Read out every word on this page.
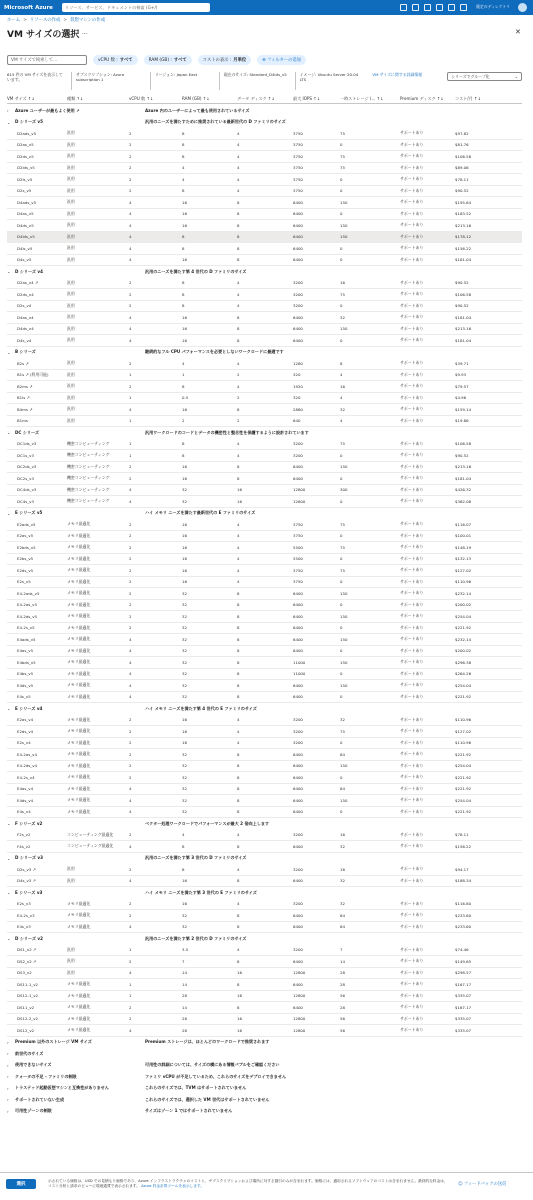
Microsoft Azure	リソース、サービス、ドキュメントの検索 (G+/)	既定のディレクトリ
ホーム > リソースの作成 > 仮想マシンの作成
VM サイズの選択 ...	✕
VM サイズで検索して...	vCPU 数 : すべて	RAM (GB) : すべて	コストの表示 : 月単位	⊕ フィルターの追加
615 件の VM サイズを表示しています。
サブスクリプション: Azure subscription 1
リージョン: Japan East	現在のサイズ: Standard_D4lds_v5	イメージ: Ubuntu Server 20.04 LTS
VM サイズに関する詳細情報	シリーズでグループ化	⌄
VM サイズ ↑↓	種類 ↑↓	vCPU 数 ↑↓	RAM (GB) ↑↓	データ ディスク ↑↓	最大 IOPS ↑↓	一時ストレージ (... ↑↓	Premium ディスク ↑↓	コスト/月 ↑↓
›	Azure ユーザーが最もよく使用 ↗	Azure 内のユーザーによって最も使用されているサイズ
⌄	D シリーズ v5	汎用のニーズを満たすために推奨されている最新世代の D ファミリのサイズ
D2ads_v5	汎用	2	8	4	3750	75	サポートあり	$97.82
D2as_v5	汎用	2	8	4	3750	0	サポートあり	$81.76
D2ds_v5	汎用	2	8	4	3750	75	サポートあり	$106.58
D2lds_v5	汎用	2	4	4	3750	75	サポートあり	$89.06
D2ls_v5	汎用	2	4	4	3750	0	サポートあり	$78.11
D2s_v5	汎用	2	8	4	3750	0	サポートあり	$90.52
D4ads_v5	汎用	4	16	8	6400	150	サポートあり	$195.64
D4as_v5	汎用	4	16	8	6400	0	サポートあり	$163.52
D4ds_v5	汎用	4	16	8	6400	150	サポートあり	$213.16
D4lds_v5	汎用	4	8	8	6400	150	サポートあり	$178.12
D4ls_v5	汎用	4	8	8	6400	0	サポートあり	$156.22
D4s_v5	汎用	4	16	8	6400	0	サポートあり	$181.04
⌄	D シリーズ v4	汎用のニーズを満たす第 4 世代の D ファミリのサイズ
D2as_v4 ↗	汎用	2	8	4	3200	16	サポートあり	$90.52
D2ds_v4	汎用	2	8	4	3200	75	サポートあり	$106.58
D2s_v4	汎用	2	8	4	3200	0	サポートあり	$90.52
D4as_v4	汎用	4	16	8	6400	32	サポートあり	$181.04
D4ds_v4	汎用	4	16	8	6400	150	サポートあり	$213.16
D4s_v4	汎用	4	16	8	6400	0	サポートあり	$181.04
⌄	B シリーズ	継続的なフル CPU パフォーマンスを必要としないワークロードに最適です
B2s ↗	汎用	2	4	4	1280	8	サポートあり	$39.71
B1s ↗ (利用可能)	汎用	1	1	2	320	4	サポートあり	$9.93
B2ms ↗	汎用	2	8	4	1920	16	サポートあり	$79.57
B1ls ↗	汎用	1	0.5	2	320	4	サポートあり	$4.96
B4ms ↗	汎用	4	16	8	2880	32	サポートあり	$159.14
B1ms	汎用	1	2	2	640	4	サポートあり	$19.86
⌄	DC シリーズ	汎用ワークロードのコードとデータの機密性と整合性を保護するように設計されています
DC1ds_v3	機密コンピューティング	1	8	4	3200	75	サポートあり	$106.58
DC1s_v3	機密コンピューティング	1	8	4	3200	0	サポートあり	$90.52
DC2ds_v3	機密コンピューティング	2	16	8	6400	150	サポートあり	$213.16
DC2s_v3	機密コンピューティング	2	16	8	6400	0	サポートあり	$181.04
DC4ds_v3	機密コンピューティング	4	32	16	12800	300	サポートあり	$426.32
DC4s_v3	機密コンピューティング	4	32	16	12800	0	サポートあり	$362.08
⌄	E シリーズ v5	ハイ メモリ ニーズを満たす最新世代の E ファミリのサイズ
E2ads_v5	メモリ最適化	2	16	4	3750	75	サポートあり	$116.07
E2as_v5	メモリ最適化	2	16	4	3750	0	サポートあり	$100.01
E2bds_v5	メモリ最適化	2	16	4	5500	75	サポートあり	$148.19
E2bs_v5	メモリ最適化	2	16	4	5500	0	サポートあり	$132.13
E2ds_v5	メモリ最適化	2	16	4	3750	75	サポートあり	$127.02
E2s_v5	メモリ最適化	2	16	4	3750	0	サポートあり	$110.96
E4-2ads_v5	メモリ最適化	2	32	8	6400	150	サポートあり	$232.14
E4-2as_v5	メモリ最適化	2	32	8	6400	0	サポートあり	$200.02
E4-2ds_v5	メモリ最適化	2	32	8	6400	150	サポートあり	$254.04
E4-2s_v5	メモリ最適化	2	32	8	6400	0	サポートあり	$221.92
E4ads_v5	メモリ最適化	4	32	8	6400	150	サポートあり	$232.14
E4as_v5	メモリ最適化	4	32	8	6400	0	サポートあり	$200.02
E4bds_v5	メモリ最適化	4	32	8	11000	150	サポートあり	$296.38
E4bs_v5	メモリ最適化	4	32	8	11000	0	サポートあり	$264.26
E4ds_v5	メモリ最適化	4	32	8	6400	150	サポートあり	$254.04
E4s_v5	メモリ最適化	4	32	8	6400	0	サポートあり	$221.92
⌄	E シリーズ v4	ハイ メモリ ニーズを満たす第 4 世代の E ファミリのサイズ
E2as_v4	メモリ最適化	2	16	4	3200	32	サポートあり	$110.96
E2ds_v4	メモリ最適化	2	16	4	3200	75	サポートあり	$127.02
E2s_v4	メモリ最適化	2	16	4	3200	0	サポートあり	$110.96
E4-2as_v4	メモリ最適化	2	32	8	6400	64	サポートあり	$221.92
E4-2ds_v4	メモリ最適化	2	32	8	6400	150	サポートあり	$254.04
E4-2s_v4	メモリ最適化	2	32	8	6400	0	サポートあり	$221.92
E4as_v4	メモリ最適化	4	32	8	6400	64	サポートあり	$221.92
E4ds_v4	メモリ最適化	4	32	8	6400	150	サポートあり	$254.04
E4s_v4	メモリ最適化	4	32	8	6400	0	サポートあり	$221.92
⌄	F シリーズ v2	ベクター処理ワークロードでパフォーマンスが最大 2 倍向上します
F2s_v2	コンピューティング最適化	2	4	4	3200	16	サポートあり	$78.11
F4s_v2	コンピューティング最適化	4	8	8	6400	32	サポートあり	$156.22
⌄	D シリーズ v3	汎用のニーズを満たす第 3 世代の D ファミリのサイズ
D2s_v3 ↗	汎用	2	8	4	3200	16	サポートあり	$94.17
D4s_v3 ↗	汎用	4	16	8	6400	32	サポートあり	$188.34
⌄	E シリーズ v3	ハイ メモリ ニーズを満たす第 3 世代の E ファミリのサイズ
E2s_v3	メモリ最適化	2	16	4	3200	32	サポートあり	$116.80
E4-2s_v3	メモリ最適化	2	32	8	6400	64	サポートあり	$233.60
E4s_v3	メモリ最適化	4	32	8	6400	64	サポートあり	$233.60
⌄	D シリーズ v2	汎用のニーズを満たす第 2 世代の D ファミリのサイズ
DS1_v2 ↗	汎用	1	3.5	4	3200	7	サポートあり	$74.46
DS2_v2 ↗	汎用	2	7	8	6400	14	サポートあり	$149.65
DS3_v2	汎用	4	14	16	12800	28	サポートあり	$298.57
DS11-1_v2	メモリ最適化	1	14	8	6400	28	サポートあり	$167.17
DS12-1_v2	メモリ最適化	1	28	16	12800	56	サポートあり	$335.07
DS11_v2	メモリ最適化	2	14	8	6400	28	サポートあり	$167.17
DS12-2_v2	メモリ最適化	2	28	16	12800	56	サポートあり	$335.07
DS12_v2	メモリ最適化	4	28	16	12800	56	サポートあり	$335.07
›	Premium 以外のストレージ VM サイズ	Premium ストレージは、ほとんどのワークロードで推奨されます
›	前世代のサイズ
›	使用できないサイズ	可用性の詳細については、サイズの横にある情報バブルをご確認ください
›	クォータの不足 - ファミリの制限	ファミリ vCPU が不足しているため、これらのサイズをデプロイできません
›	トラステッド起動仮想マシンと互換性がありません	これらのサイズでは、TVM はサポートされていません
›	サポートされていない生成	これらのサイズでは、選択した VM 世代はサポートされていません
›	可用性ゾーンの制限	サイズはゾーン 1 ではサポートされていません
選択
示されている価格は、USD での見積もり価格であり、Azure インフラストラクチャのコストと、サブスクリプションおよび場所に対する割引のみが含まれます。価格には、適用されるソフトウェアのコストは含まれません。最終的な料金は、コスト分析と請求のビューに現地通貨で表示されます。 Azure 料金計算ツールを表示します。	☺ フィードバックの送信
